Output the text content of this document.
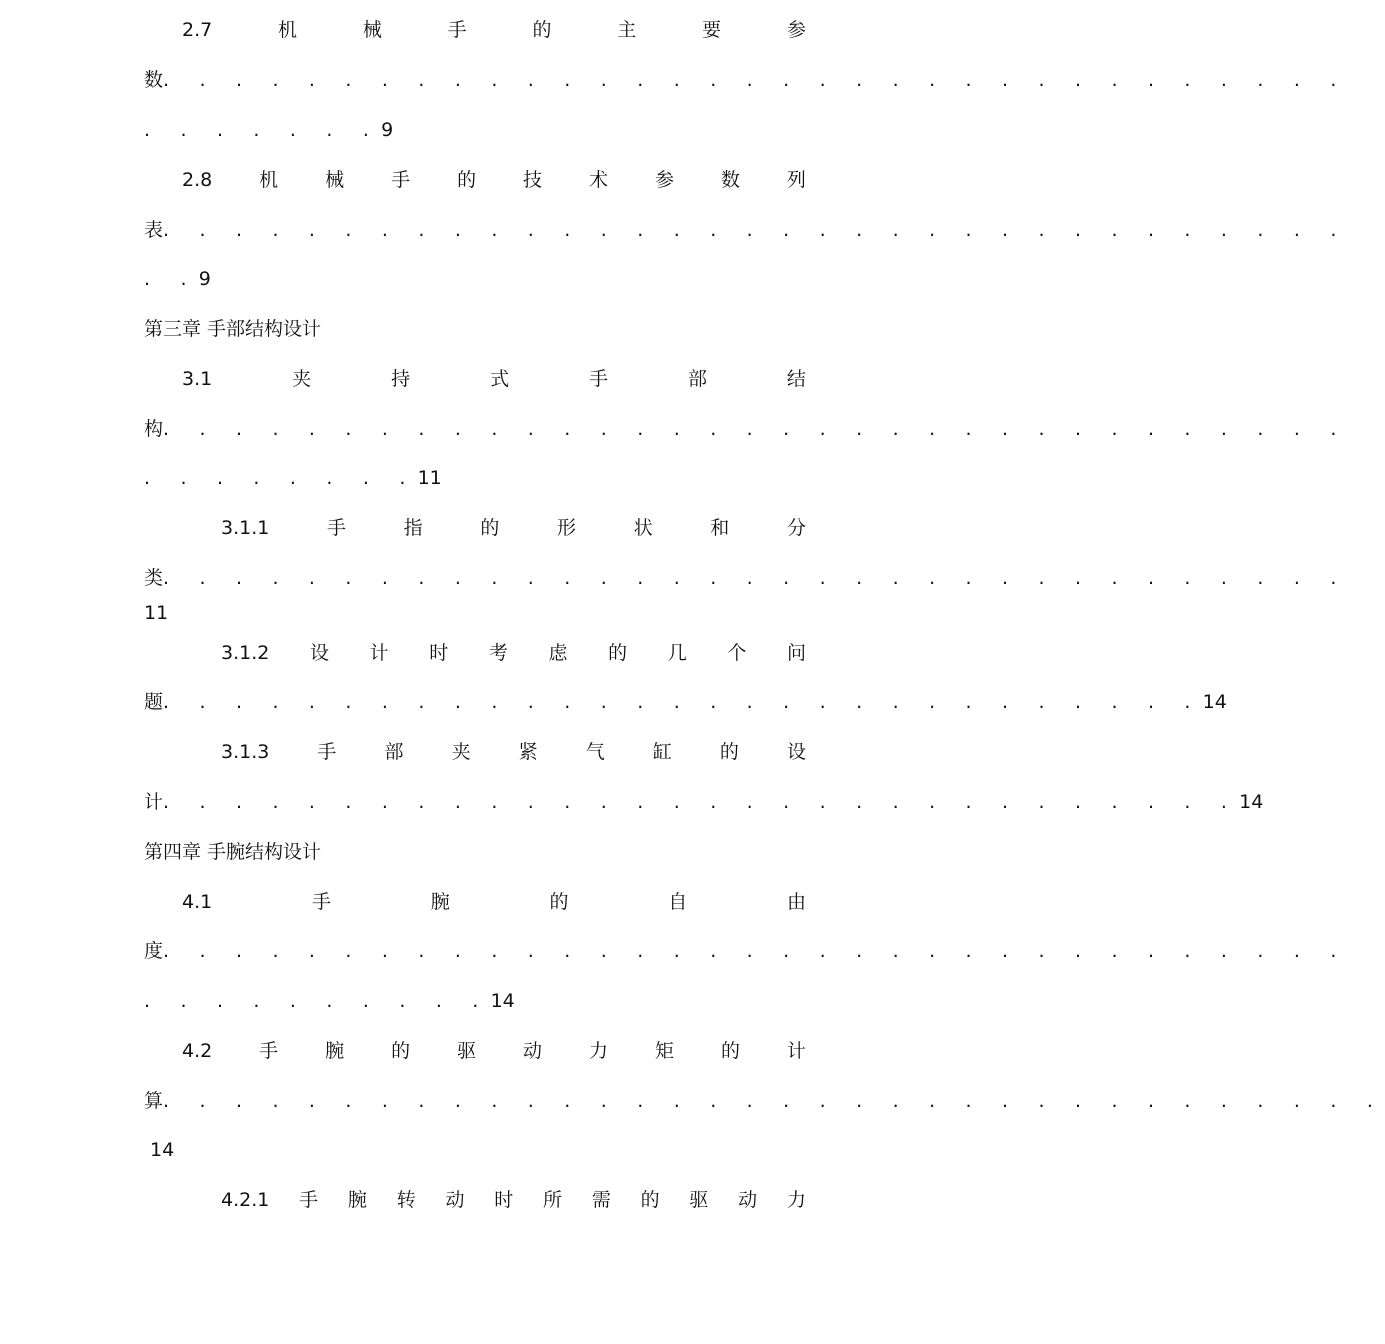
2.7	机	械	手	的	主	要	参
数 . . . . . . . . . . . . . . . . . . . . . . . . . . . . . . . . .
. . . . . . . 9
2.8 机 械 手 的 技 术 参 数 列
表 . . . . . . . . . . . . . . . . . . . . . . . . . . . . . . . . .
. . 9
第三章 手部结构设计
3.1	夹	持	式	手	部	结
构 . . . . . . . . . . . . . . . . . . . . . . . . . . . . . . . . .
. . . . . . . . 11
3.1.1	手	指	的	形	状	和	分
类 . . . . . . . . . . . . . . . . . . . . . . . . . . . . . . . . .
11
3.1.2 设 计 时 考 虑 的 几 个 问
题 . . . . . . . . . . . . . . . . . . . . . . . . . . . . . 14
3.1.3	手	部	夹	紧	气	缸	的	设
计 . . . . . . . . . . . . . . . . . . . . . . . . . . . . . . 14
第四章 手腕结构设计
4.1	手	腕	的	自	由
度 . . . . . . . . . . . . . . . . . . . . . . . . . . . . . . . . .
. . . . . . . . . . 14
4.2 手 腕 的 驱 动 力 矩 的 计
算 . . . . . . . . . . . . . . . . . . . . . . . . . . . . . . . . . .
14
4.2.1 手 腕 转 动 时 所 需 的 驱 动 力
